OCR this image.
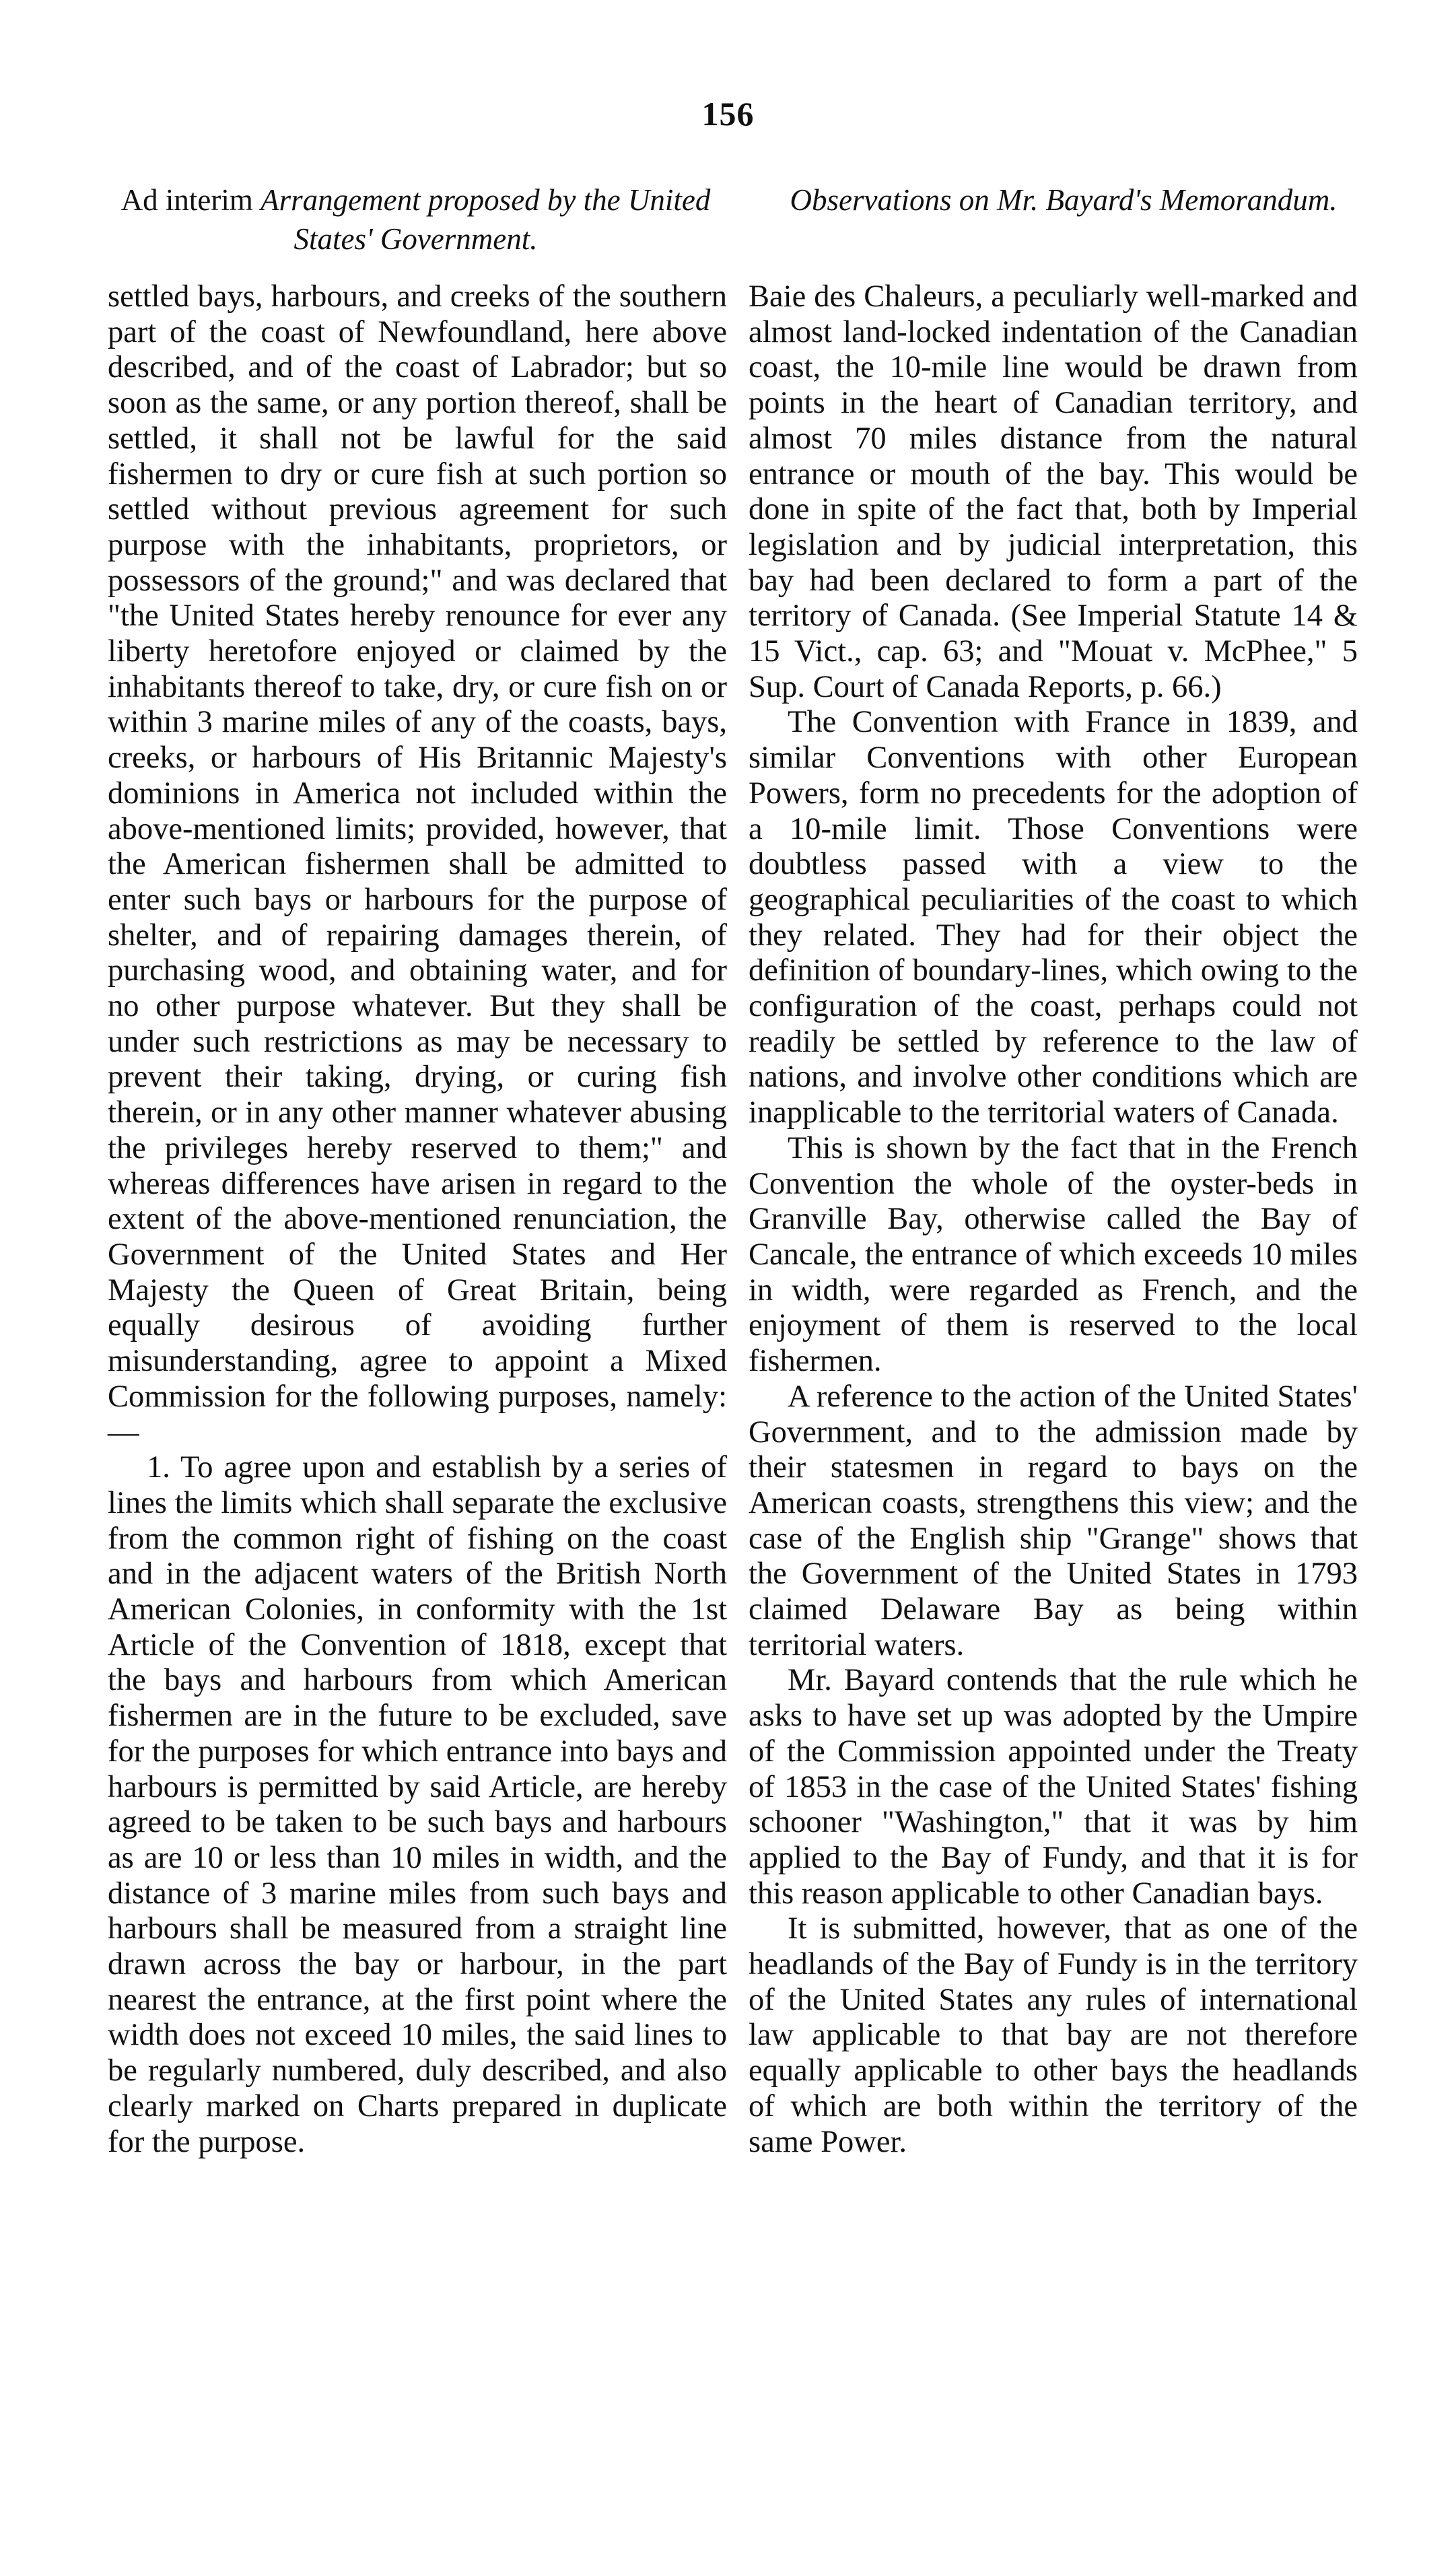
156
Ad interim Arrangement proposed by the United States' Government.
Observations on Mr. Bayard's Memorandum.

settled bays, harbours, and creeks of the southern part of the coast of Newfoundland, here above described, and of the coast of Labrador; but so soon as the same, or any portion thereof, shall be settled, it shall not be lawful for the said fishermen to dry or cure fish at such portion so settled without previous agreement for such purpose with the inhabitants, proprietors, or possessors of the ground;" and was declared that "the United States hereby renounce for ever any liberty heretofore enjoyed or claimed by the inhabitants thereof to take, dry, or cure fish on or within 3 marine miles of any of the coasts, bays, creeks, or harbours of His Britannic Majesty's dominions in America not included within the above-mentioned limits; provided, however, that the American fishermen shall be admitted to enter such bays or harbours for the purpose of shelter, and of repairing damages therein, of purchasing wood, and obtaining water, and for no other purpose whatever. But they shall be under such restrictions as may be necessary to prevent their taking, drying, or curing fish therein, or in any other manner whatever abusing the privileges hereby reserved to them;" and whereas differences have arisen in regard to the extent of the above-mentioned renunciation, the Government of the United States and Her Majesty the Queen of Great Britain, being equally desirous of avoiding further misunderstanding, agree to appoint a Mixed Commission for the following purposes, namely:—

1. To agree upon and establish by a series of lines the limits which shall separate the exclusive from the common right of fishing on the coast and in the adjacent waters of the British North American Colonies, in conformity with the 1st Article of the Convention of 1818, except that the bays and harbours from which American fishermen are in the future to be excluded, save for the purposes for which entrance into bays and harbours is permitted by said Article, are hereby agreed to be taken to be such bays and harbours as are 10 or less than 10 miles in width, and the distance of 3 marine miles from such bays and harbours shall be measured from a straight line drawn across the bay or harbour, in the part nearest the entrance, at the first point where the width does not exceed 10 miles, the said lines to be regularly numbered, duly described, and also clearly marked on Charts prepared in duplicate for the purpose.

Baie des Chaleurs, a peculiarly well-marked and almost land-locked indentation of the Canadian coast, the 10-mile line would be drawn from points in the heart of Canadian territory, and almost 70 miles distance from the natural entrance or mouth of the bay. This would be done in spite of the fact that, both by Imperial legislation and by judicial interpretation, this bay had been declared to form a part of the territory of Canada. (See Imperial Statute 14 & 15 Vict., cap. 63; and "Mouat v. McPhee," 5 Sup. Court of Canada Reports, p. 66.)

The Convention with France in 1839, and similar Conventions with other European Powers, form no precedents for the adoption of a 10-mile limit. Those Conventions were doubtless passed with a view to the geographical peculiarities of the coast to which they related. They had for their object the definition of boundary-lines, which owing to the configuration of the coast, perhaps could not readily be settled by reference to the law of nations, and involve other conditions which are inapplicable to the territorial waters of Canada.

This is shown by the fact that in the French Convention the whole of the oyster-beds in Granville Bay, otherwise called the Bay of Cancale, the entrance of which exceeds 10 miles in width, were regarded as French, and the enjoyment of them is reserved to the local fishermen.

A reference to the action of the United States' Government, and to the admission made by their statesmen in regard to bays on the American coasts, strengthens this view; and the case of the English ship "Grange" shows that the Government of the United States in 1793 claimed Delaware Bay as being within territorial waters.

Mr. Bayard contends that the rule which he asks to have set up was adopted by the Umpire of the Commission appointed under the Treaty of 1853 in the case of the United States' fishing schooner "Washington," that it was by him applied to the Bay of Fundy, and that it is for this reason applicable to other Canadian bays.

It is submitted, however, that as one of the headlands of the Bay of Fundy is in the territory of the United States any rules of international law applicable to that bay are not therefore equally applicable to other bays the headlands of which are both within the territory of the same Power.
